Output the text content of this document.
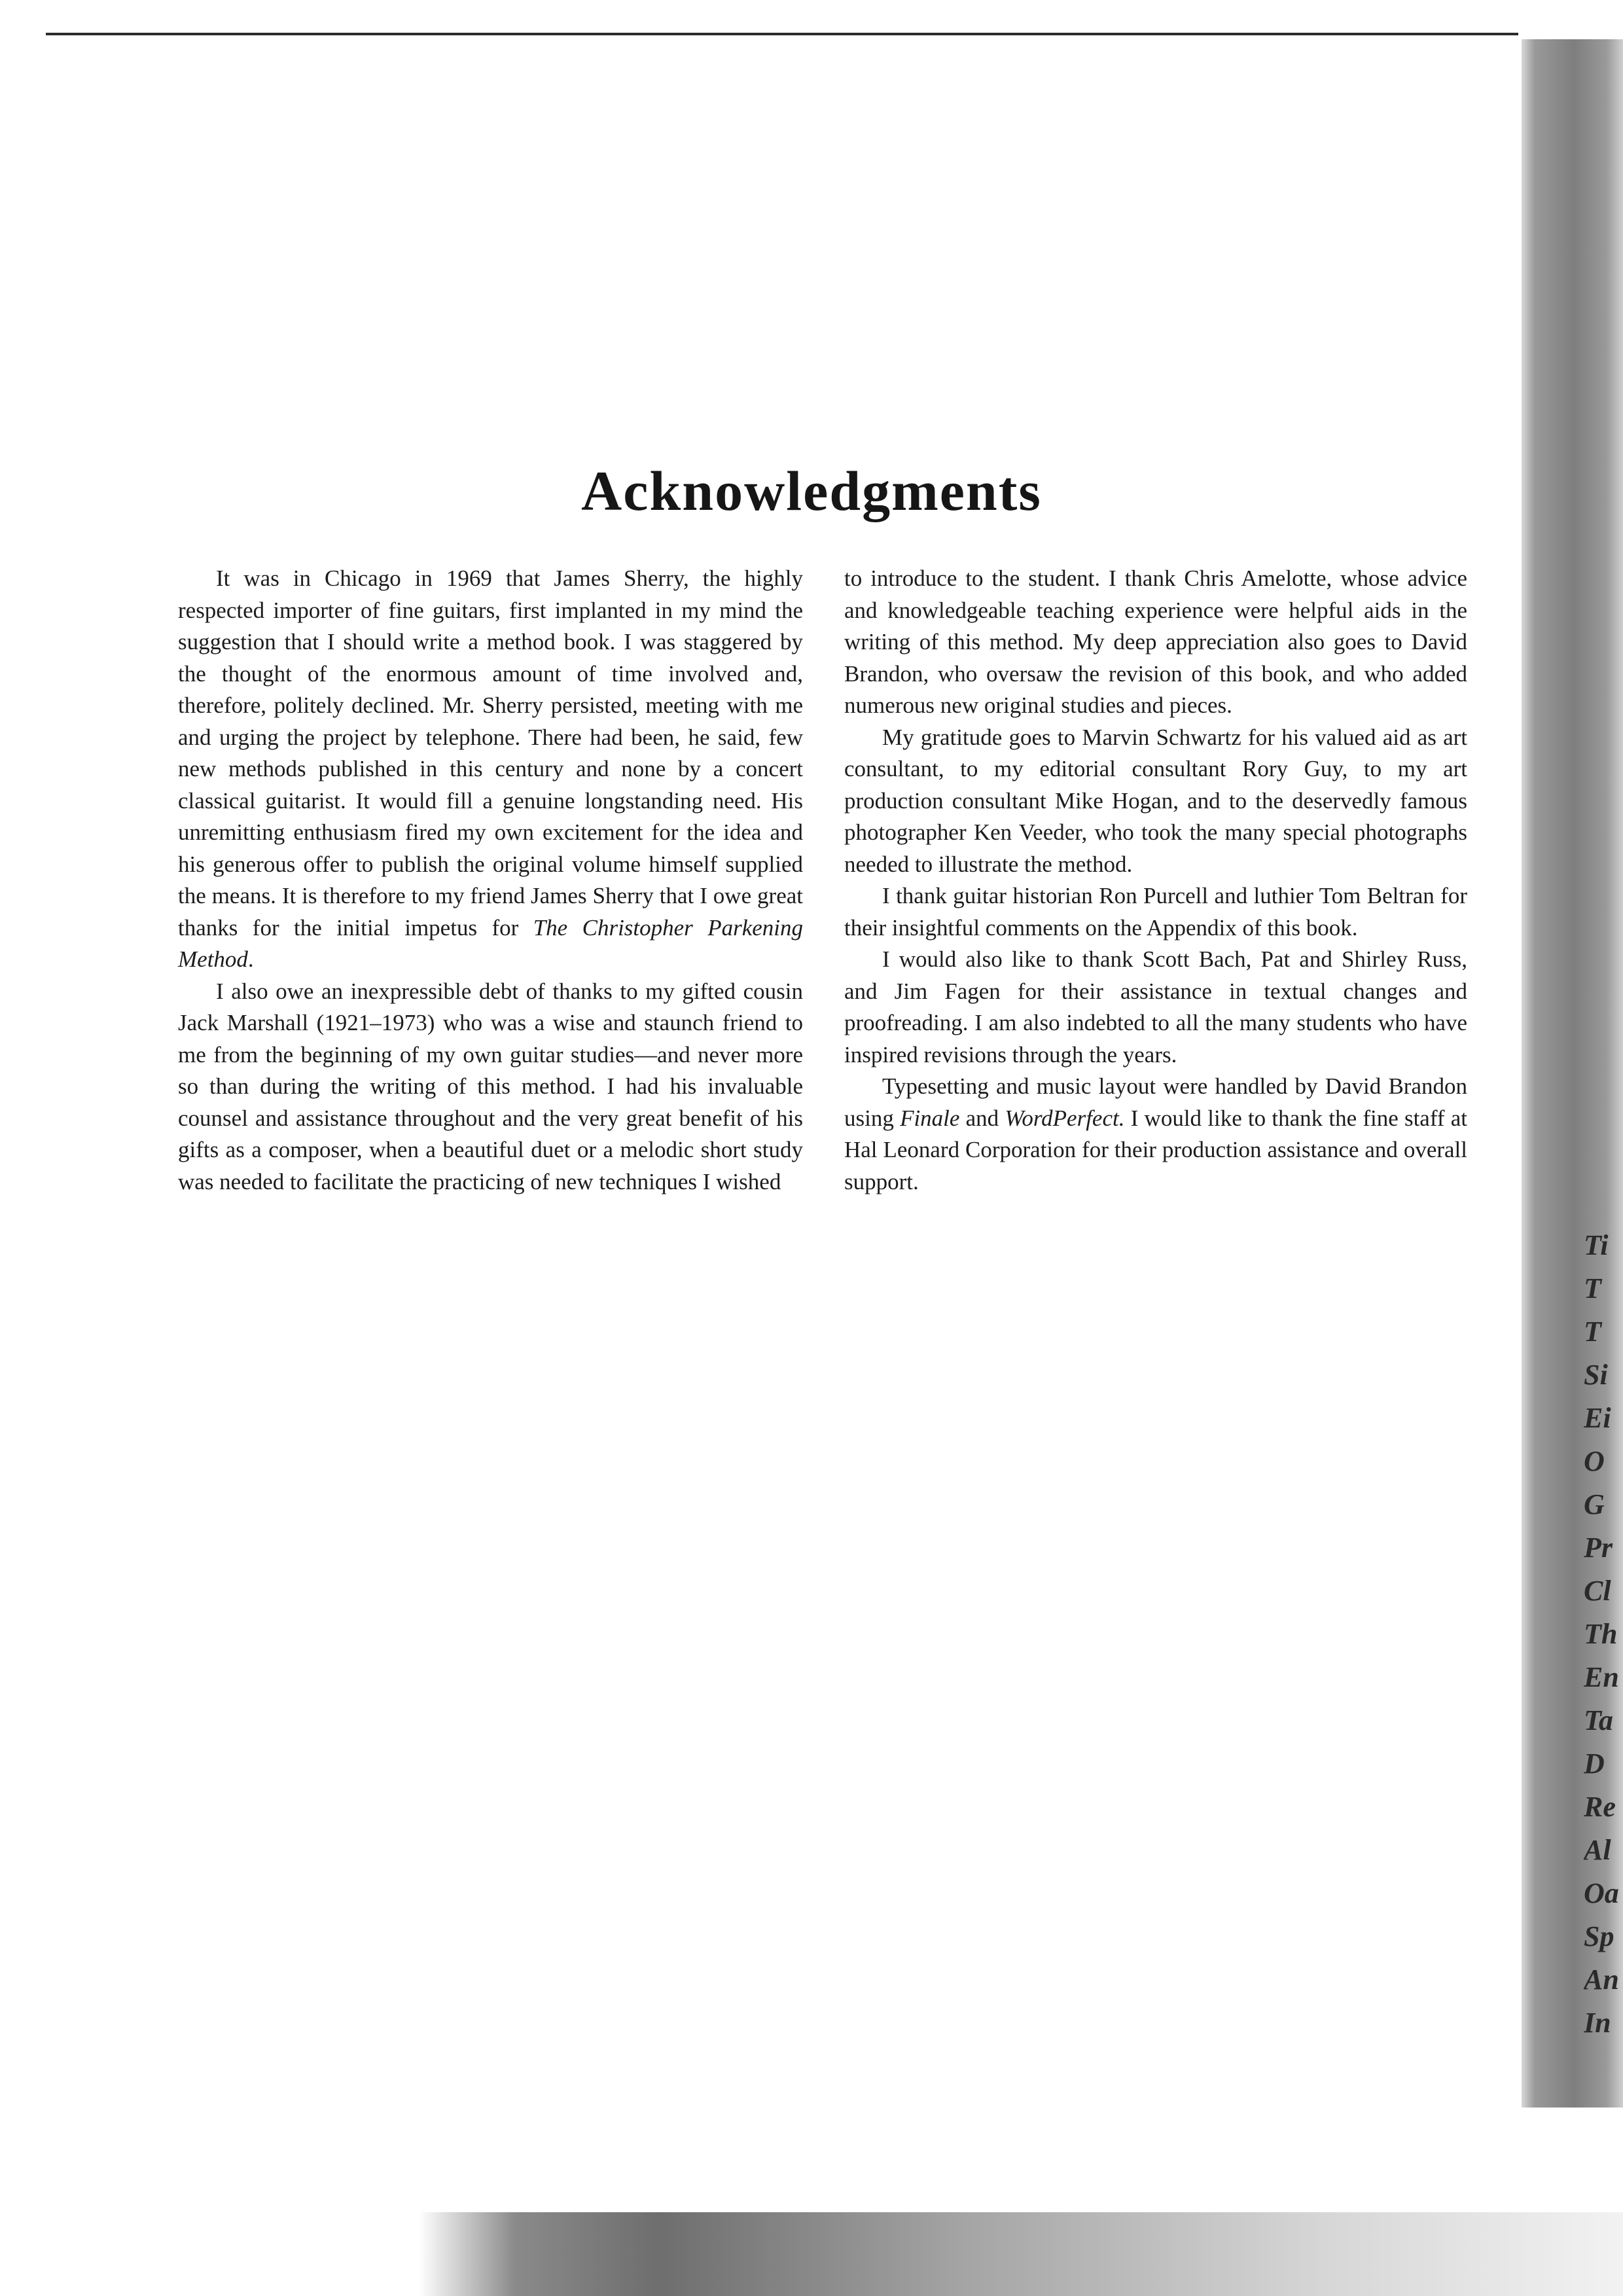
Ti
T
T
Si
Ei
O
G
Pr
Cl
Th
En
Ta
D
Re
Al
Oa
Sp
An
In
Acknowledgments

It was in Chicago in 1969 that James Sherry, the highly respected importer of fine guitars, first implanted in my mind the suggestion that I should write a method book. I was staggered by the thought of the enormous amount of time involved and, therefore, politely declined. Mr. Sherry persisted, meeting with me and urging the project by telephone. There had been, he said, few new methods published in this century and none by a concert classical guitarist. It would fill a genuine longstanding need. His unremitting enthusiasm fired my own excitement for the idea and his generous offer to publish the original volume himself supplied the means. It is therefore to my friend James Sherry that I owe great thanks for the initial impetus for The Christopher Parkening Method.

I also owe an inexpressible debt of thanks to my gifted cousin Jack Marshall (1921–1973) who was a wise and staunch friend to me from the beginning of my own guitar studies—and never more so than during the writing of this method. I had his invaluable counsel and assistance throughout and the very great benefit of his gifts as a composer, when a beautiful duet or a melodic short study was needed to facilitate the practicing of new techniques I wished

to introduce to the student. I thank Chris Amelotte, whose advice and knowledgeable teaching experience were helpful aids in the writing of this method. My deep appreciation also goes to David Brandon, who oversaw the revision of this book, and who added numerous new original studies and pieces.

My gratitude goes to Marvin Schwartz for his valued aid as art consultant, to my editorial consultant Rory Guy, to my art production consultant Mike Hogan, and to the deservedly famous photographer Ken Veeder, who took the many special photographs needed to illustrate the method.

I thank guitar historian Ron Purcell and luthier Tom Beltran for their insightful comments on the Appendix of this book.

I would also like to thank Scott Bach, Pat and Shirley Russ, and Jim Fagen for their assistance in textual changes and proofreading. I am also indebted to all the many students who have inspired revisions through the years.

Typesetting and music layout were handled by David Brandon using Finale and WordPerfect. I would like to thank the fine staff at Hal Leonard Corporation for their production assistance and overall support.
